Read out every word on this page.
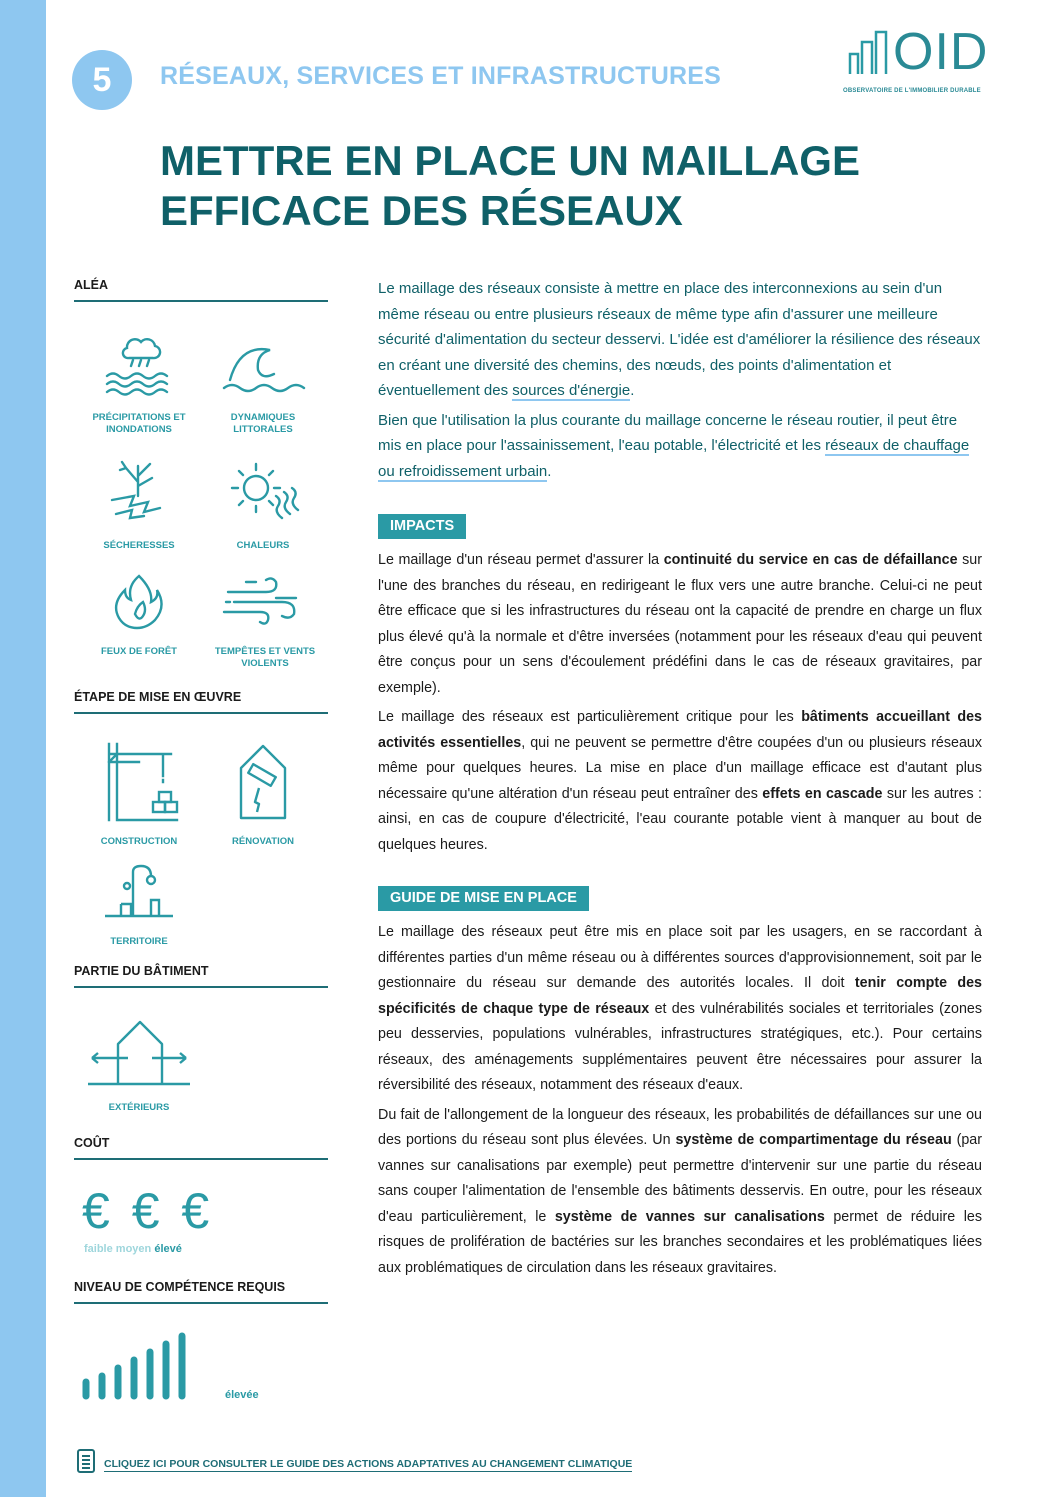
5	RÉSEAUX, SERVICES ET INFRASTRUCTURES	OID
OBSERVATOIRE DE L'IMMOBILIER DURABLE
METTRE EN PLACE UN MAILLAGE
EFFICACE DES RÉSEAUX
ALÉA
PRÉCIPITATIONS ET
INONDATIONS
DYNAMIQUES
LITTORALES
SÉCHERESSES	CHALEURS
FEUX DE FORÊT	TEMPÊTES ET VENTS
VIOLENTS
ÉTAPE DE MISE EN ŒUVRE
CONSTRUCTION	RÉNOVATION
TERRITOIRE
PARTIE DU BÂTIMENT
EXTÉRIEURS
COÛT
€ € €
faible moyen élevé
NIVEAU DE COMPÉTENCE REQUIS
élevée

Le maillage des réseaux consiste à mettre en place des interconnexions au sein d'un même réseau ou entre plusieurs réseaux de même type afin d'assurer une meilleure sécurité d'alimentation du secteur desservi. L'idée est d'améliorer la résilience des réseaux en créant une diversité des chemins, des nœuds, des points d'alimentation et éventuellement des sources d'énergie.

Bien que l'utilisation la plus courante du maillage concerne le réseau routier, il peut être mis en place pour l'assainissement, l'eau potable, l'électricité et les réseaux de chauffage ou refroidissement urbain.

IMPACTS

Le maillage d'un réseau permet d'assurer la continuité du service en cas de défaillance sur l'une des branches du réseau, en redirigeant le flux vers une autre branche. Celui-ci ne peut être efficace que si les infrastructures du réseau ont la capacité de prendre en charge un flux plus élevé qu'à la normale et d'être inversées (notamment pour les réseaux d'eau qui peuvent être conçus pour un sens d'écoulement prédéfini dans le cas de réseaux gravitaires, par exemple).

Le maillage des réseaux est particulièrement critique pour les bâtiments accueillant des activités essentielles, qui ne peuvent se permettre d'être coupées d'un ou plusieurs réseaux même pour quelques heures. La mise en place d'un maillage efficace est d'autant plus nécessaire qu'une altération d'un réseau peut entraîner des effets en cascade sur les autres : ainsi, en cas de coupure d'électricité, l'eau courante potable vient à manquer au bout de quelques heures.

GUIDE DE MISE EN PLACE

Le maillage des réseaux peut être mis en place soit par les usagers, en se raccordant à différentes parties d'un même réseau ou à différentes sources d'approvisionnement, soit par le gestionnaire du réseau sur demande des autorités locales. Il doit tenir compte des spécificités de chaque type de réseaux et des vulnérabilités sociales et territoriales (zones peu desservies, populations vulnérables, infrastructures stratégiques, etc.). Pour certains réseaux, des aménagements supplémentaires peuvent être nécessaires pour assurer la réversibilité des réseaux, notamment des réseaux d'eaux.

Du fait de l'allongement de la longueur des réseaux, les probabilités de défaillances sur une ou des portions du réseau sont plus élevées. Un système de compartimentage du réseau (par vannes sur canalisations par exemple) peut permettre d'intervenir sur une partie du réseau sans couper l'alimentation de l'ensemble des bâtiments desservis. En outre, pour les réseaux d'eau particulièrement, le système de vannes sur canalisations permet de réduire les risques de prolifération de bactéries sur les branches secondaires et les problématiques liées aux problématiques de circulation dans les réseaux gravitaires.

CLIQUEZ ICI POUR CONSULTER LE GUIDE DES ACTIONS ADAPTATIVES AU CHANGEMENT CLIMATIQUE
